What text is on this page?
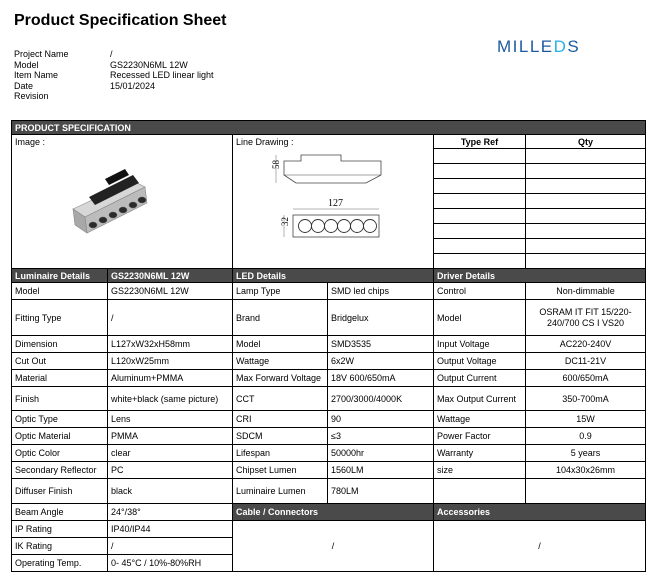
Product Specification Sheet
Project Name	/
Model	GS2230N6ML 12W
Item Name	Recessed LED linear light
Date	15/01/2024
Revision
MILLEDS
PRODUCT SPECIFICATION					

Image :		Line Drawing :
58
127
32		Type Ref	Qty

Luminaire Details	GS2230N6ML 12W	LED Details		Driver Details	
Model	GS2230N6ML 12W	Lamp Type	SMD led chips	Control	Non-dimmable
Fitting Type	/	Brand	Bridgelux	Model	OSRAM IT FIT 15/220-240/700 CS I VS20
Dimension	L127xW32xH58mm	Model	SMD3535	Input Voltage	AC220-240V
Cut Out	L120xW25mm	Wattage	6x2W	Output Voltage	DC11-21V
Material	Aluminum+PMMA	Max Forward Voltage	18V 600/650mA	Output Current	600/650mA
Finish	white+black (same picture)	CCT	2700/3000/4000K	Max Output Current	350-700mA
Optic Type	Lens	CRI	90	Wattage	15W
Optic Material	PMMA	SDCM	≤3	Power Factor	0.9
Optic Color	clear	Lifespan	50000hr	Warranty	5 years
Secondary Reflector	PC	Chipset Lumen	1560LM	size	104x30x26mm
Diffuser Finish	black	Luminaire Lumen	780LM		
Beam Angle	24°/38°	Cable / Connectors		Accessories	
IP Rating	IP40/IP44	/		/	
IK Rating	/				
Operating Temp.	0- 45°C / 10%-80%RH				
